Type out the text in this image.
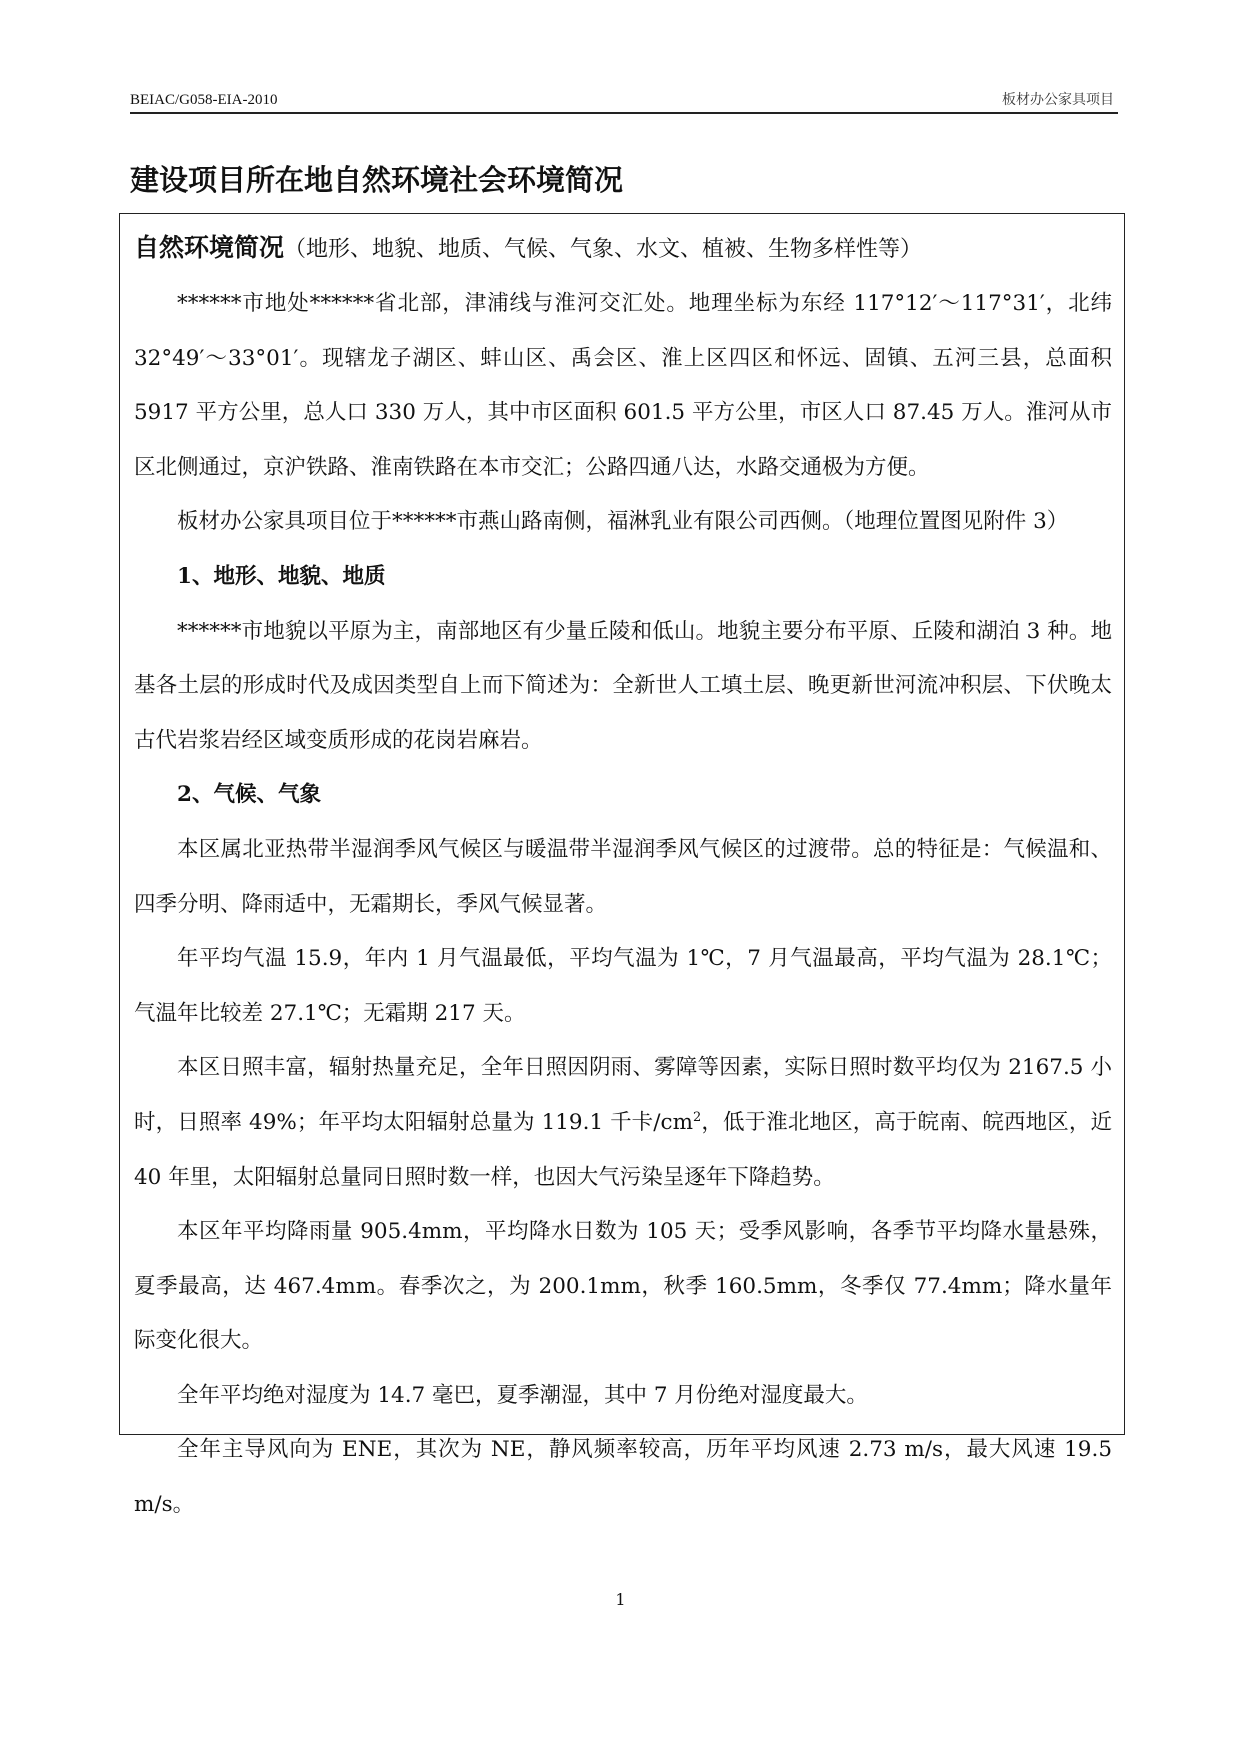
BEIAC/G058-EIA-2010	板材办公家具项目
建设项目所在地自然环境社会环境简况
自然环境简况（地形、地貌、地质、气候、气象、水文、植被、生物多样性等）

******市地处******省北部，津浦线与淮河交汇处。地理坐标为东经 117°12′～117°31′，北纬 32°49′～33°01′。现辖龙子湖区、蚌山区、禹会区、淮上区四区和怀远、固镇、五河三县，总面积 5917 平方公里，总人口 330 万人，其中市区面积 601.5 平方公里，市区人口 87.45 万人。淮河从市区北侧通过，京沪铁路、淮南铁路在本市交汇；公路四通八达，水路交通极为方便。

板材办公家具项目位于******市燕山路南侧，福淋乳业有限公司西侧。（地理位置图见附件 3）

1、地形、地貌、地质

******市地貌以平原为主，南部地区有少量丘陵和低山。地貌主要分布平原、丘陵和湖泊 3 种。地基各土层的形成时代及成因类型自上而下简述为：全新世人工填土层、晚更新世河流冲积层、下伏晚太古代岩浆岩经区域变质形成的花岗岩麻岩。

2、气候、气象

本区属北亚热带半湿润季风气候区与暖温带半湿润季风气候区的过渡带。总的特征是：气候温和、四季分明、降雨适中，无霜期长，季风气候显著。

年平均气温 15.9，年内 1 月气温最低，平均气温为 1℃，7 月气温最高，平均气温为 28.1℃；气温年比较差 27.1℃；无霜期 217 天。

本区日照丰富，辐射热量充足，全年日照因阴雨、雾障等因素，实际日照时数平均仅为 2167.5 小时，日照率 49%；年平均太阳辐射总量为 119.1 千卡$/cm^2$，低于淮北地区，高于皖南、皖西地区，近 40 年里，太阳辐射总量同日照时数一样，也因大气污染呈逐年下降趋势。

本区年平均降雨量 905.4mm，平均降水日数为 105 天；受季风影响，各季节平均降水量悬殊，夏季最高，达 467.4mm。春季次之，为 200.1mm，秋季 160.5mm，冬季仅 77.4mm；降水量年际变化很大。

全年平均绝对湿度为 14.7 毫巴，夏季潮湿，其中 7 月份绝对湿度最大。

全年主导风向为 ENE，其次为 NE，静风频率较高，历年平均风速 2.73 m/s，最大风速 19.5 m/s。

1
